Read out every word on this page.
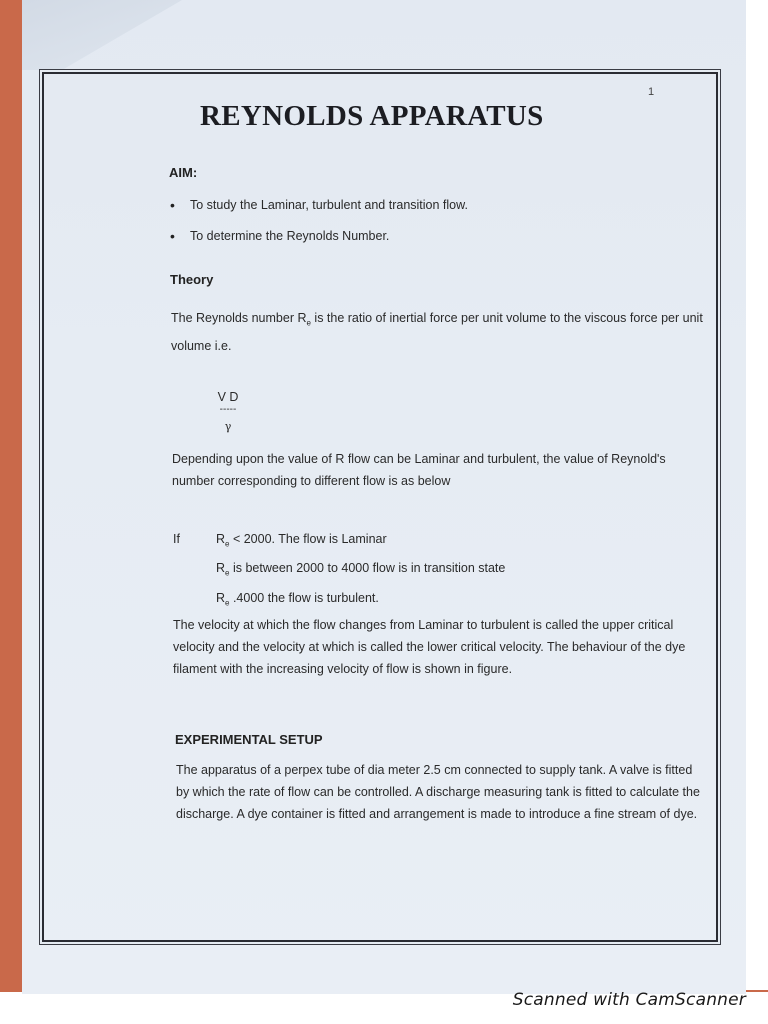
1
REYNOLDS APPARATUS
AIM:
• To study the Laminar, turbulent and transition flow.
• To determine the Reynolds Number.
Theory

The Reynolds number $R_e$ is the ratio of inertial force per unit volume to the viscous force per unit volume i.e.

V D
-----
γ

Depending upon the value of R flow can be Laminar and turbulent, the value of Reynold's number corresponding to different flow is as below

If	$R_e < 2000$. The flow is Laminar
$R_e$ is between 2000 to 4000 flow is in transition state
$R_e$ .4000 the flow is turbulent.

The velocity at which the flow changes from Laminar to turbulent is called the upper critical velocity and the velocity at which is called the lower critical velocity. The behaviour of the dye filament with the increasing velocity of flow is shown in figure.

EXPERIMENTAL SETUP

The apparatus of a perpex tube of dia meter 2.5 cm connected to supply tank. A valve is fitted by which the rate of flow can be controlled. A discharge measuring tank is fitted to calculate the discharge. A dye container is fitted and arrangement is made to introduce a fine stream of dye.

Scanned with CamScanner
